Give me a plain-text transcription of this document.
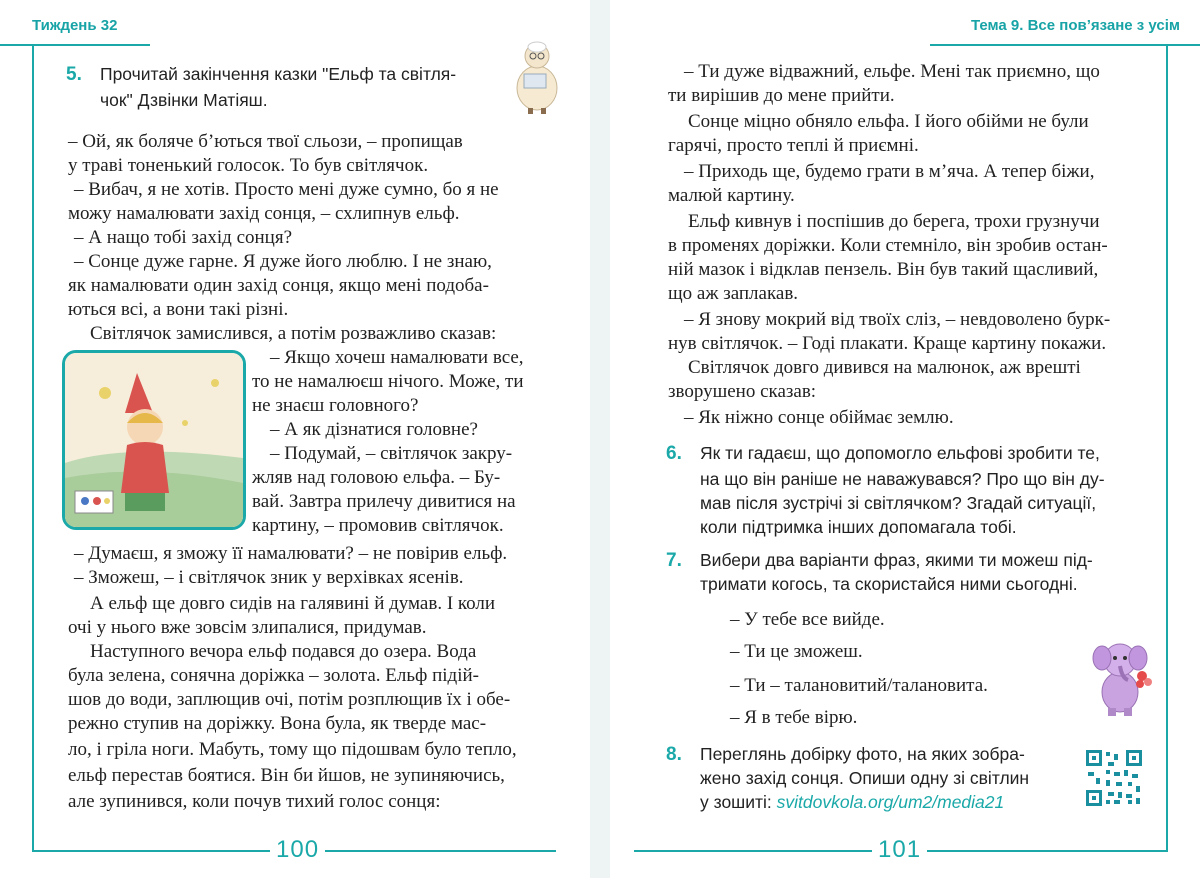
Тиждень 32
100
5. Прочитай закінчення казки "Ельф та світля-
чок" Дзвінки Матіяш.
– Ой, як боляче б’ються твої сльози, – пропищав
у траві тоненький голосок. То був світлячок.
– Вибач, я не хотів. Просто мені дуже сумно, бо я не
можу намалювати захід сонця, – схлипнув ельф.
– А нащо тобі захід сонця?
– Сонце дуже гарне. Я дуже його люблю. І не знаю,
як намалювати один захід сонця, якщо мені подоба-
ються всі, а вони такі різні.
Світлячок замислився, а потім розважливо сказав:
– Якщо хочеш намалювати все,
то не намалюєш нічого. Може, ти
не знаєш головного?
– А як дізнатися головне?
– Подумай, – світлячок закру-
жляв над головою ельфа. – Бу-
вай. Завтра прилечу дивитися на
картину, – промовив світлячок.
– Думаєш, я зможу її намалювати? – не повірив ельф.
– Зможеш, – і світлячок зник у верхівках ясенів.
А ельф ще довго сидів на галявині й думав. І коли
очі у нього вже зовсім злипалися, придумав.
Наступного вечора ельф подався до озера. Вода
була зелена, сонячна доріжка – золота. Ельф підій-
шов до води, заплющив очі, потім розплющив їх і обе-
режно ступив на доріжку. Вона була, як тверде мас-
ло, і гріла ноги. Мабуть, тому що підошвам було тепло,
ельф перестав боятися. Він би йшов, не зупиняючись,
але зупинився, коли почув тихий голос сонця:
Тема 9. Все пов’язане з усім
101
– Ти дуже відважний, ельфе. Мені так приємно, що
ти вирішив до мене прийти.
Сонце міцно обняло ельфа. І його обійми не були
гарячі, просто теплі й приємні.
– Приходь ще, будемо грати в м’яча. А тепер біжи,
малюй картину.
Ельф кивнув і поспішив до берега, трохи грузнучи
в променях доріжки. Коли стемніло, він зробив остан-
ній мазок і відклав пензель. Він був такий щасливий,
що аж заплакав.
– Я знову мокрий від твоїх сліз, – невдоволено бурк-
нув світлячок. – Годі плакати. Краще картину покажи.
Світлячок довго дивився на малюнок, аж врешті
зворушено сказав:
– Як ніжно сонце обіймає землю.
6. Як ти гадаєш, що допомогло ельфові зробити те,
на що він раніше не наважувався? Про що він ду-
мав після зустрічі зі світлячком? Згадай ситуації,
коли підтримка інших допомагала тобі.
7. Вибери два варіанти фраз, якими ти можеш під-
тримати когось, та скористайся ними сьогодні.
– У тебе все вийде.
– Ти це зможеш.
– Ти – талановитий/талановита.
– Я в тебе вірю.
8. Переглянь добірку фото, на яких зобра-
жено захід сонця. Опиши одну зі світлин
у зошиті: svitdovkola.org/um2/media21
